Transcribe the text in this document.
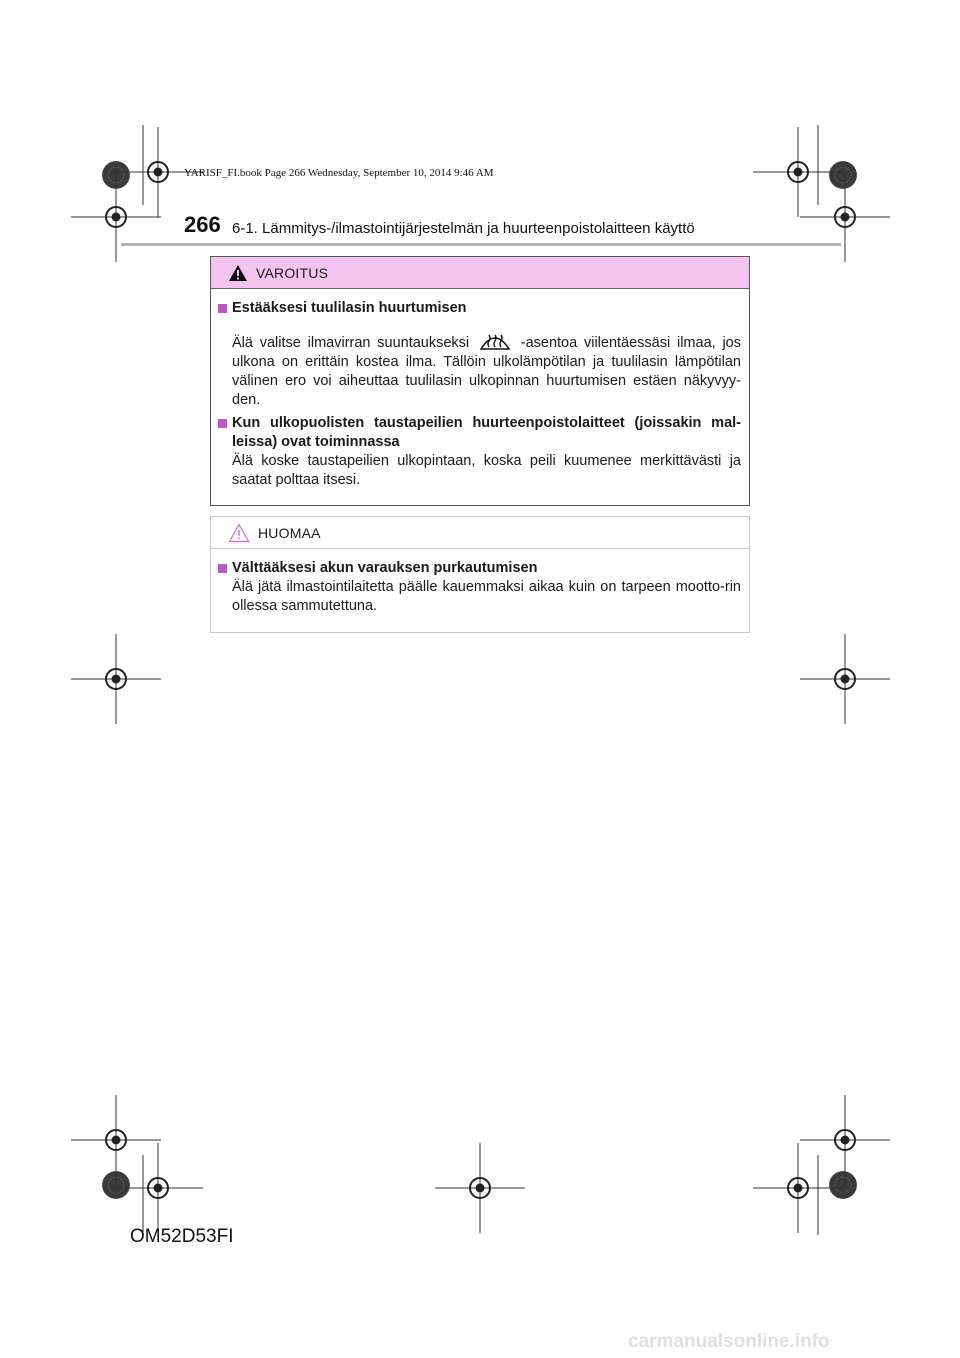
YARISF_FI.book Page 266 Wednesday, September 10, 2014 9:46 AM
266 6-1. Lämmitys-/ilmastointijärjestelmän ja huurteenpoistolaitteen käyttö
VAROITUS
Estääksesi tuulilasin huurtumisen
Älä valitse ilmavirran suuntaukseksi	-asentoa viilentäessäsi ilmaa, jos ulkona on erittäin kostea ilma. Tällöin ulkolämpötilan ja tuulilasin lämpötilan välinen ero voi aiheuttaa tuulilasin ulkopinnan huurtumisen estäen näkyvyy-den.
Kun ulkopuolisten taustapeilien huurteenpoistolaitteet (joissakin mal-leissa) ovat toiminnassa
Älä koske taustapeilien ulkopintaan, koska peili kuumenee merkittävästi ja saatat polttaa itsesi.
HUOMAA
Välttääksesi akun varauksen purkautumisen
Älä jätä ilmastointilaitetta päälle kauemmaksi aikaa kuin on tarpeen mootto-rin ollessa sammutettuna.
OM52D53FI
carmanualsonline.info
